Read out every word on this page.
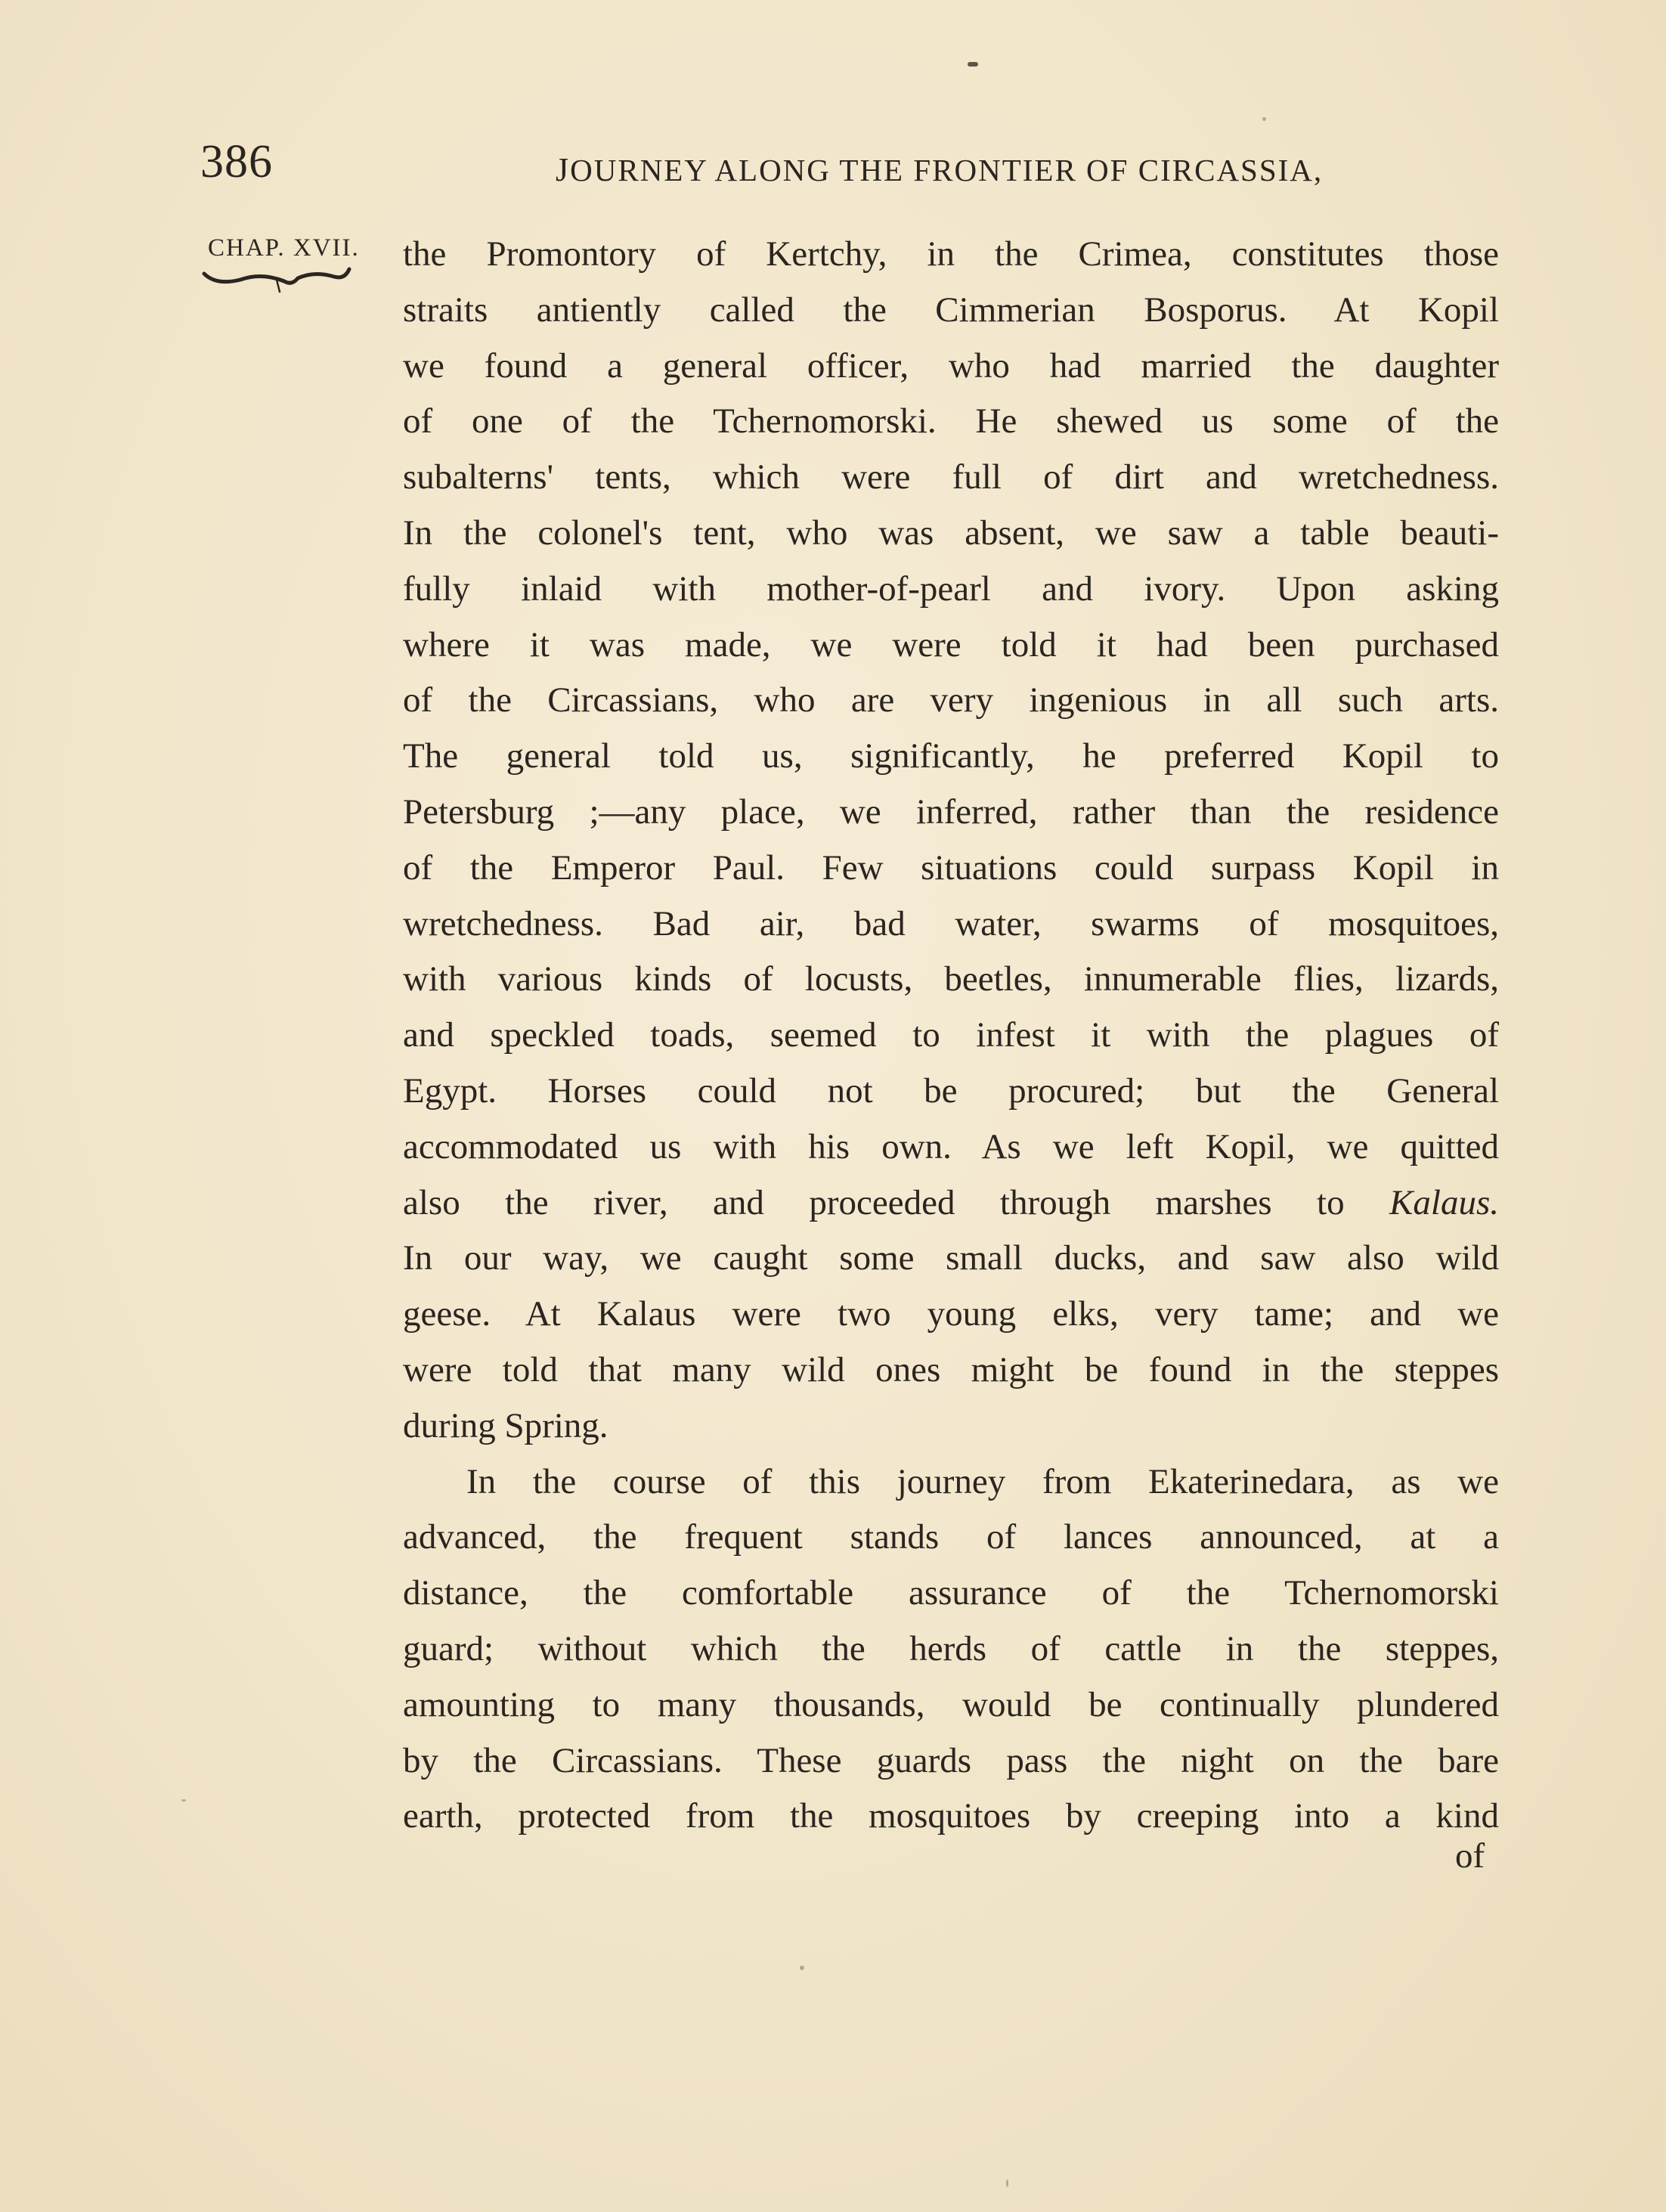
386	JOURNEY ALONG THE FRONTIER OF CIRCASSIA,
CHAP. XVII. the Promontory of Kertchy, in the Crimea, constitutes those
straits antiently called the Cimmerian Bosporus. At Kopil
we found a general officer, who had married the daughter
of one of the Tchernomorski. He shewed us some of the
subalterns' tents, which were full of dirt and wretchedness.
In the colonel's tent, who was absent, we saw a table beauti-
fully inlaid with mother-of-pearl and ivory. Upon asking
where it was made, we were told it had been purchased
of the Circassians, who are very ingenious in all such arts.
The general told us, significantly, he preferred Kopil to
Petersburg ;—any place, we inferred, rather than the residence
of the Emperor Paul. Few situations could surpass Kopil in
wretchedness. Bad air, bad water, swarms of mosquitoes,
with various kinds of locusts, beetles, innumerable flies, lizards,
and speckled toads, seemed to infest it with the plagues of
Egypt. Horses could not be procured; but the General
accommodated us with his own. As we left Kopil, we quitted
also the river, and proceeded through marshes to Kalaus.
In our way, we caught some small ducks, and saw also wild
geese. At Kalaus were two young elks, very tame; and we
were told that many wild ones might be found in the steppes
during Spring.
In the course of this journey from Ekaterinedara, as we
advanced, the frequent stands of lances announced, at a
distance, the comfortable assurance of the Tchernomorski
guard; without which the herds of cattle in the steppes,
amounting to many thousands, would be continually plundered
by the Circassians. These guards pass the night on the bare
earth, protected from the mosquitoes by creeping into a kind
of
